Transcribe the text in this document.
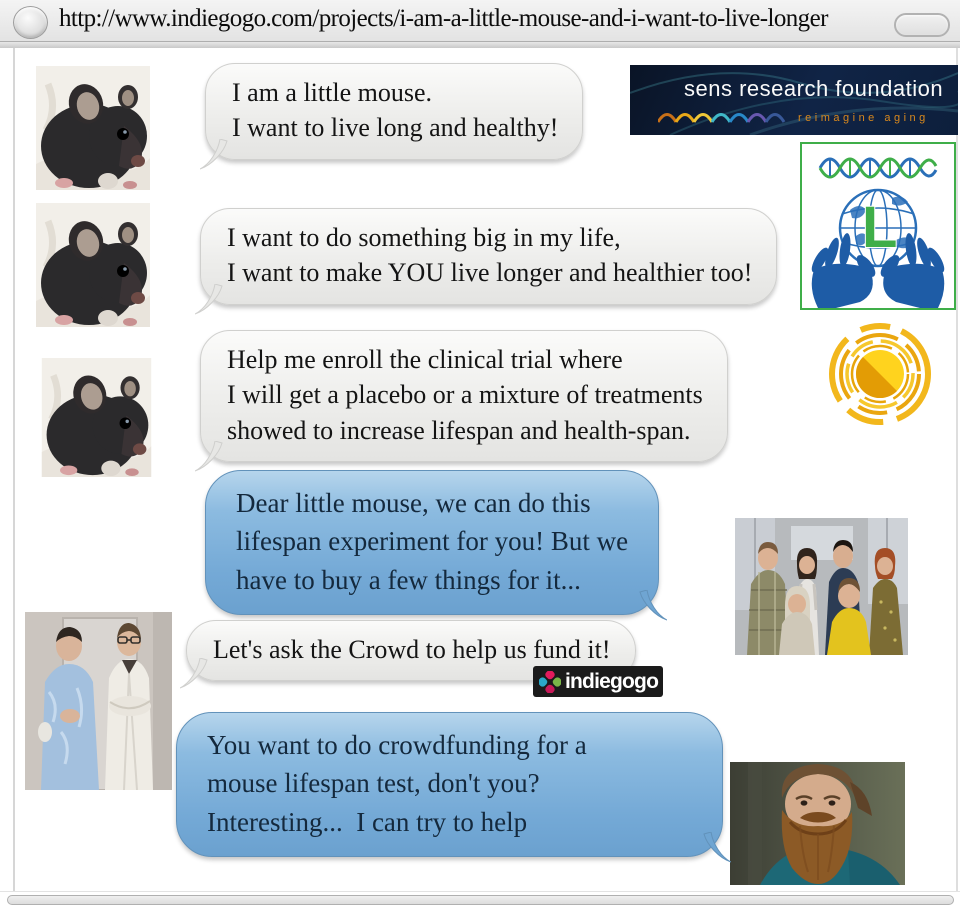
http://www.indiegogo.com/projects/i-am-a-little-mouse-and-i-want-to-live-longer
sens research foundation
reimagine aging
L
I am a little mouse.
I want to live long and healthy!
I want to do something big in my life,
I want to make YOU live longer and healthier too!
Help me enroll the clinical trial where
I will get a placebo or a mixture of treatments
showed to increase lifespan and health-span.
Dear little mouse, we can do this
lifespan experiment for you! But we
have to buy a few things for it...
Let's ask the Crowd to help us fund it!
indiegogo
You want to do crowdfunding for a
mouse lifespan test, don't you?
Interesting...  I can try to help
